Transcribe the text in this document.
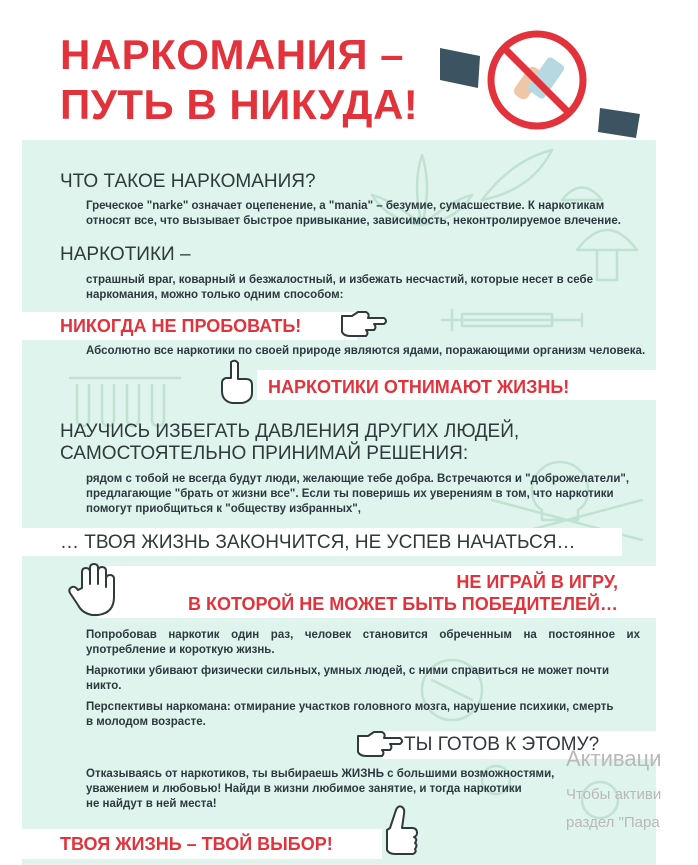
НАРКОМАНИЯ –
ПУТЬ В НИКУДА!
ЧТО ТАКОЕ НАРКОМАНИЯ?
Греческое "narke" означает оцепенение, а "mania" – безумие, сумасшествие. К наркотикам
относят все, что вызывает быстрое привыкание, зависимость, неконтролируемое влечение.
НАРКОТИКИ –
страшный враг, коварный и безжалостный, и избежать несчастий, которые несет в себе
наркомания, можно только одним способом:
НИКОГДА НЕ ПРОБОВАТЬ!
Абсолютно все наркотики по своей природе являются ядами, поражающими организм человека.
НАРКОТИКИ ОТНИМАЮТ ЖИЗНЬ!
НАУЧИСЬ ИЗБЕГАТЬ ДАВЛЕНИЯ ДРУГИХ ЛЮДЕЙ,
САМОСТОЯТЕЛЬНО ПРИНИМАЙ РЕШЕНИЯ:
рядом с тобой не всегда будут люди, желающие тебе добра. Встречаются и "доброжелатели",
предлагающие "брать от жизни все". Если ты поверишь их уверениям в том, что наркотики
помогут приобщиться к "обществу избранных",
… ТВОЯ ЖИЗНЬ ЗАКОНЧИТСЯ, НЕ УСПЕВ НАЧАТЬСЯ…
НЕ ИГРАЙ В ИГРУ,
В КОТОРОЙ НЕ МОЖЕТ БЫТЬ ПОБЕДИТЕЛЕЙ…
Попробовав наркотик один раз, человек становится обреченным на постоянное их
употребление и короткую жизнь.
Наркотики убивают физически сильных, умных людей, с ними справиться не может почти никто.
Перспективы наркомана: отмирание участков головного мозга, нарушение психики, смерть
в молодом возрасте.
ТЫ ГОТОВ К ЭТОМУ?
Отказываясь от наркотиков, ты выбираешь ЖИЗНЬ с большими возможностями,
уважением и любовью! Найди в жизни любимое занятие, и тогда наркотики
не найдут в ней места!
ТВОЯ ЖИЗНЬ – ТВОЙ ВЫБОР!
Активаци
Чтобы активи
раздел "Пара
